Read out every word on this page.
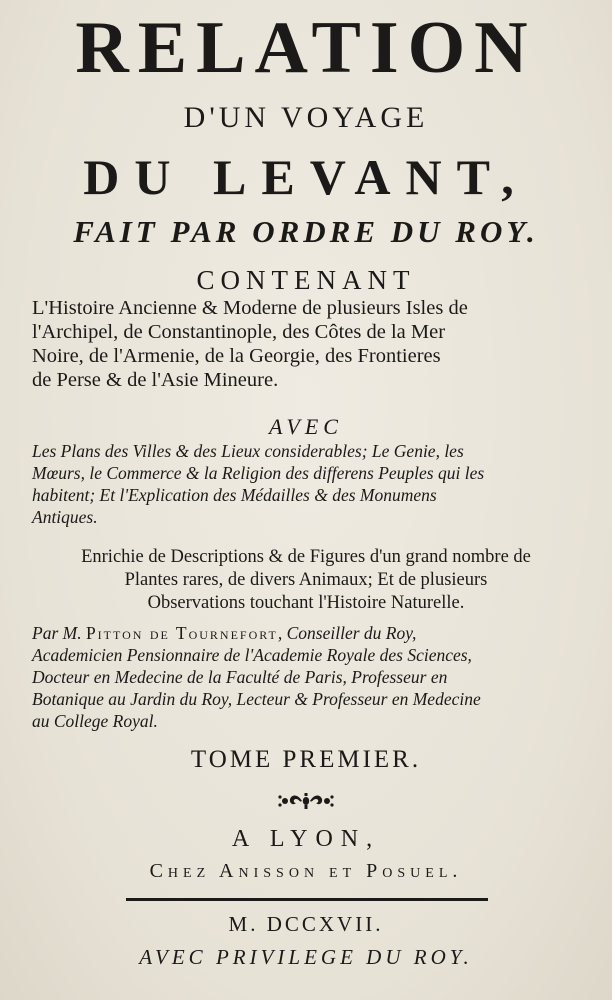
RELATION
D'UN VOYAGE
DU LEVANT,
FAIT PAR ORDRE DU ROY.
CONTENANT

L'Histoire Ancienne & Moderne de plusieurs Isles de

l'Archipel, de Constantinople, des Côtes de la Mer

Noire, de l'Armenie, de la Georgie, des Frontieres

de Perse & de l'Asie Mineure.

AVEC

Les Plans des Villes & des Lieux considerables; Le Genie, les

Mœurs, le Commerce & la Religion des differens Peuples qui les

habitent; Et l'Explication des Médailles & des Monumens

Antiques.

Enrichie de Descriptions & de Figures d'un grand nombre de

Plantes rares, de divers Animaux; Et de plusieurs

Observations touchant l'Histoire Naturelle.

Par M. Pitton de Tournefort, Conseiller du Roy,

Academicien Pensionnaire de l'Academie Royale des Sciences,

Docteur en Medecine de la Faculté de Paris, Professeur en

Botanique au Jardin du Roy, Lecteur & Professeur en Medecine

au College Royal.

TOME PREMIER.
A LYON,
Chez Anisson et Posuel.
M. DCCXVII.
AVEC PRIVILEGE DU ROY.
